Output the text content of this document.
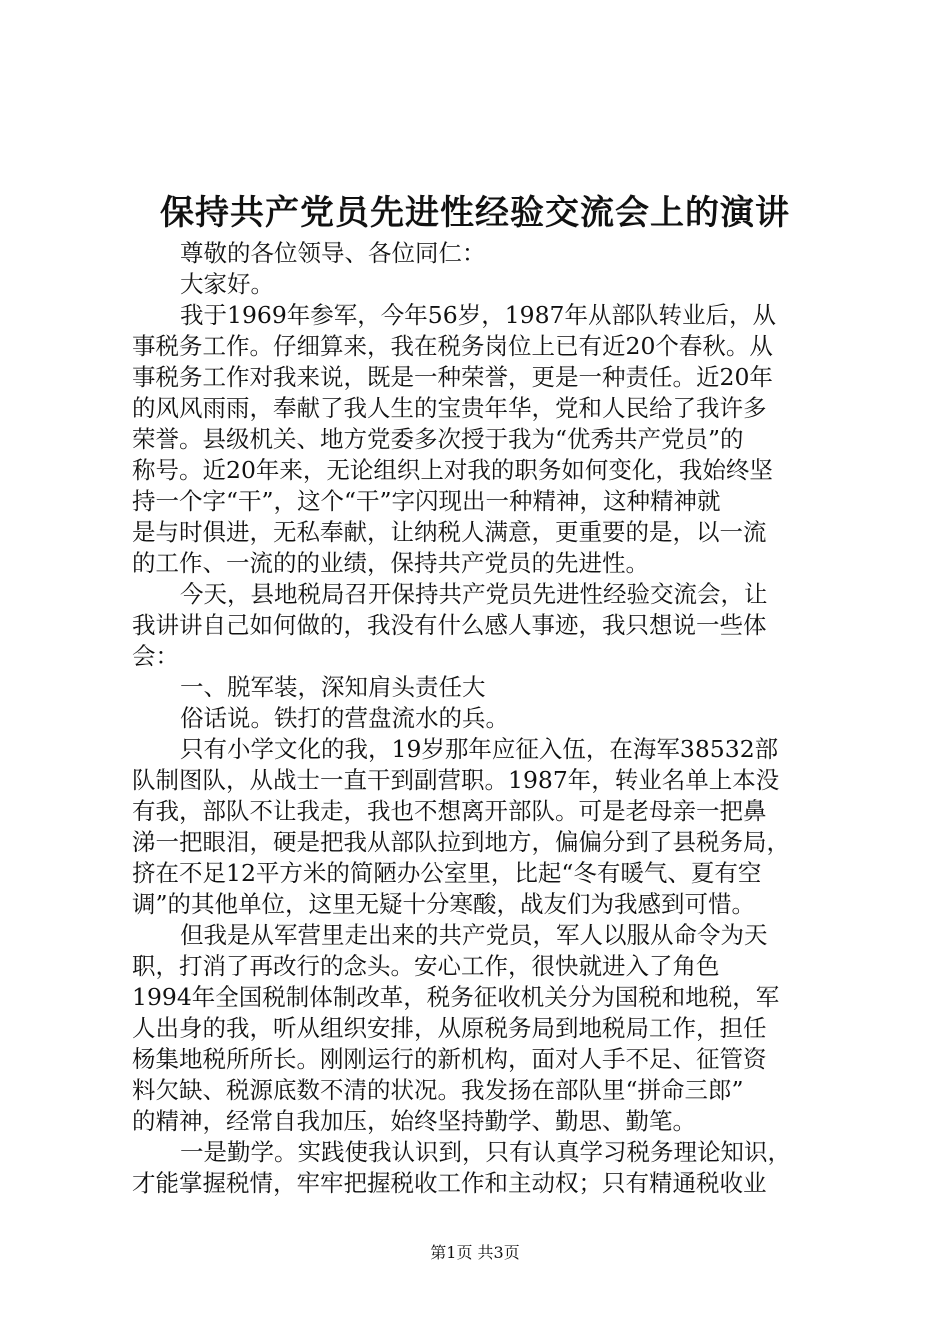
保持共产党员先进性经验交流会上的演讲
尊敬的各位领导、各位同仁：
大家好。
我于1969年参军，今年56岁，1987年从部队转业后，从
事税务工作。仔细算来，我在税务岗位上已有近20个春秋。从
事税务工作对我来说，既是一种荣誉，更是一种责任。近20年
的风风雨雨，奉献了我人生的宝贵年华，党和人民给了我许多
荣誉。县级机关、地方党委多次授于我为“优秀共产党员”的
称号。近20年来，无论组织上对我的职务如何变化，我始终坚
持一个字“干”，这个“干”字闪现出一种精神，这种精神就
是与时俱进，无私奉献，让纳税人满意，更重要的是，以一流
的工作、一流的的业绩，保持共产党员的先进性。
今天，县地税局召开保持共产党员先进性经验交流会，让
我讲讲自己如何做的，我没有什么感人事迹，我只想说一些体
会：
一、脱军装，深知肩头责任大
俗话说。铁打的营盘流水的兵。
只有小学文化的我，19岁那年应征入伍，在海军38532部
队制图队，从战士一直干到副营职。1987年，转业名单上本没
有我，部队不让我走，我也不想离开部队。可是老母亲一把鼻
涕一把眼泪，硬是把我从部队拉到地方，偏偏分到了县税务局，
挤在不足12平方米的简陋办公室里，比起“冬有暖气、夏有空
调”的其他单位，这里无疑十分寒酸，战友们为我感到可惜。
但我是从军营里走出来的共产党员，军人以服从命令为天
职，打消了再改行的念头。安心工作，很快就进入了角色
1994年全国税制体制改革，税务征收机关分为国税和地税，军
人出身的我，听从组织安排，从原税务局到地税局工作，担任
杨集地税所所长。刚刚运行的新机构，面对人手不足、征管资
料欠缺、税源底数不清的状况。我发扬在部队里“拼命三郎”
的精神，经常自我加压，始终坚持勤学、勤思、勤笔。
一是勤学。实践使我认识到，只有认真学习税务理论知识，
才能掌握税情，牢牢把握税收工作和主动权；只有精通税收业
第1页 共3页
